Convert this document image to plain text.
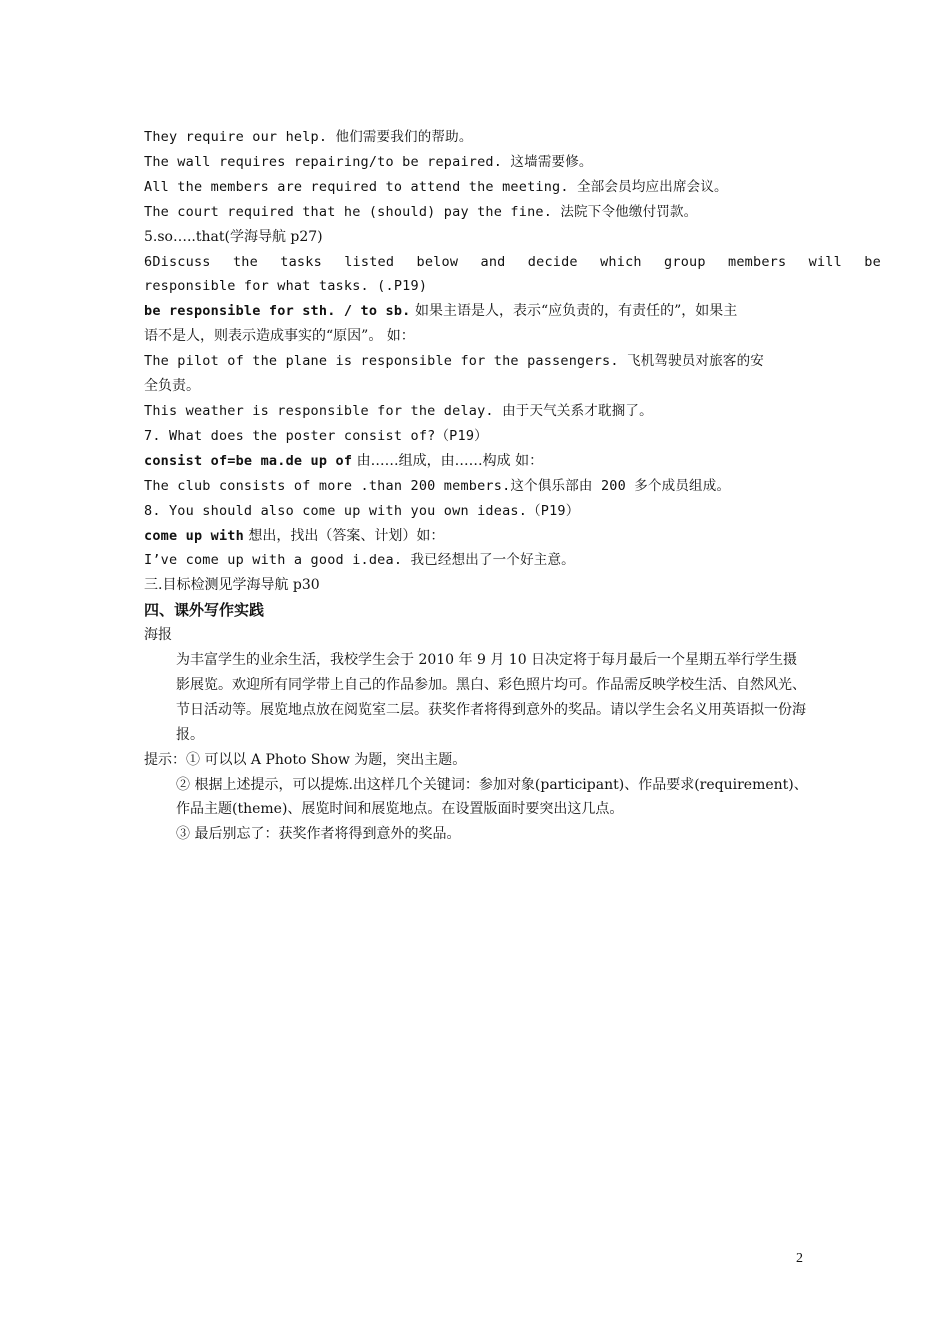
They require our help. 他们需要我们的帮助。
The wall requires repairing/to be repaired. 这墙需要修。
All the members are required to attend the meeting. 全部会员均应出席会议。
The court required that he (should) pay the fine. 法院下令他缴付罚款。
5.so…..that(学海导航 p27)
6Discuss the tasks listed below and decide which group members will be
responsible for what tasks. (.P19)
be responsible for sth. / to sb. 如果主语是人，表示“应负责的，有责任的”，如果主
语不是人，则表示造成事实的“原因”。 如：
The pilot of the plane is responsible for the passengers. 飞机驾驶员对旅客的安
全负责。
This weather is responsible for the delay. 由于天气关系才耽搁了。
7. What does the poster consist of?（P19）
consist of=be ma.de up of 由……组成，由……构成 如：
The club consists of more .than 200 members.这个俱乐部由 200 多个成员组成。
8. You should also come up with you own ideas.（P19）
come up with 想出，找出（答案、计划）如：
I’ve come up with a good i.dea. 我已经想出了一个好主意。
三.目标检测见学海导航 p30
四、课外写作实践
海报
为丰富学生的业余生活，我校学生会于 2010 年 9 月 10 日决定将于每月最后一个星期五举行学生摄影展览。欢迎所有同学带上自己的作品参加。黑白、彩色照片均可。作品需反映学校生活、自然风光、节日活动等。展览地点放在阅览室二层。获奖作者将得到意外的奖品。请以学生会名义用英语拟一份海报。
提示：① 可以以 A Photo Show 为题，突出主题。
② 根据上述提示，可以提炼.出这样几个关键词：参加对象(participant)、作品要求(requirement)、作品主题(theme)、展览时间和展览地点。在设置版面时要突出这几点。
③ 最后别忘了：获奖作者将得到意外的奖品。
2
